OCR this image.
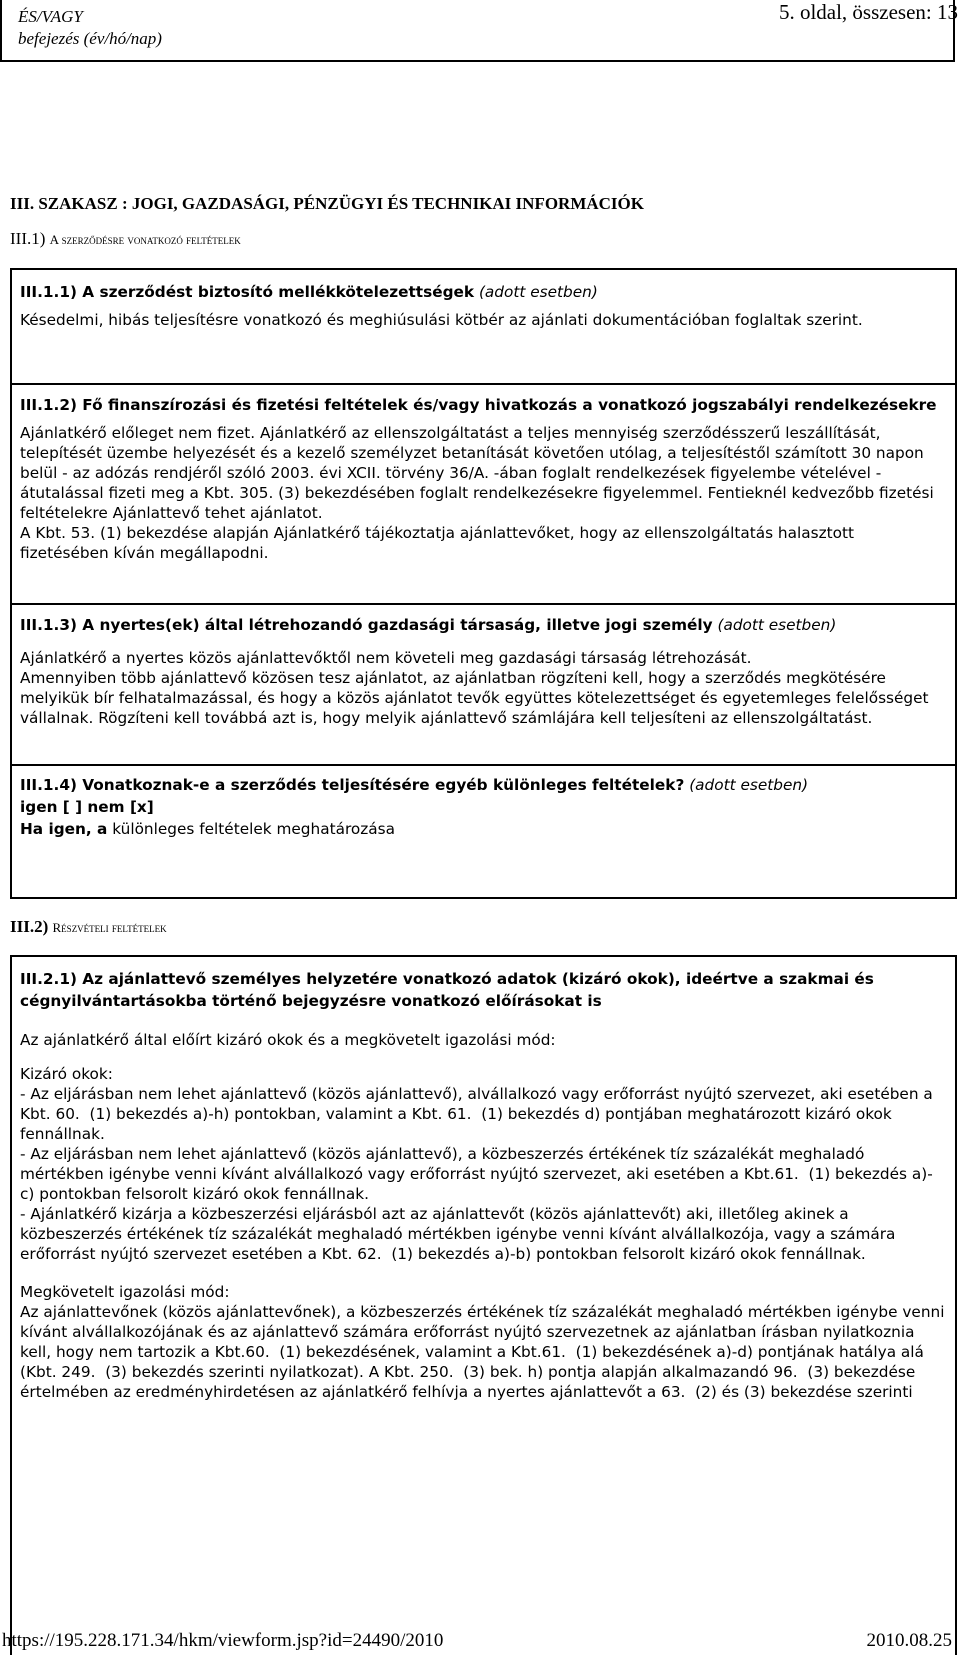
5. oldal, összesen: 13
ÉS/VAGY
befejezés (év/hó/nap)
III. SZAKASZ : JOGI, GAZDASÁGI, PÉNZÜGYI ÉS TECHNIKAI INFORMÁCIÓK
III.1) A szerződésre vonatkozó feltételek

III.1.1) A szerződést biztosító mellékkötelezettségek (adott esetben)

Késedelmi, hibás teljesítésre vonatkozó és meghiúsulási kötbér az ajánlati dokumentációban foglaltak szerint.

III.1.2) Fő finanszírozási és fizetési feltételek és/vagy hivatkozás a vonatkozó jogszabályi rendelkezésekre

Ajánlatkérő előleget nem fizet. Ajánlatkérő az ellenszolgáltatást a teljes mennyiség szerződésszerű leszállítását, telepítését üzembe helyezését és a kezelő személyzet betanítását követően utólag, a teljesítéstől számított 30 napon belül - az adózás rendjéről szóló 2003. évi XCII. törvény 36/A. -ában foglalt rendelkezések figyelembe vételével - átutalással fizeti meg a Kbt. 305. (3) bekezdésében foglalt rendelkezésekre figyelemmel. Fentieknél kedvezőbb fizetési feltételekre Ajánlattevő tehet ajánlatot.
A Kbt. 53. (1) bekezdése alapján Ajánlatkérő tájékoztatja ajánlattevőket, hogy az ellenszolgáltatás halasztott fizetésében kíván megállapodni.

III.1.3) A nyertes(ek) által létrehozandó gazdasági társaság, illetve jogi személy (adott esetben)

Ajánlatkérő a nyertes közös ajánlattevőktől nem követeli meg gazdasági társaság létrehozását.
Amennyiben több ajánlattevő közösen tesz ajánlatot, az ajánlatban rögzíteni kell, hogy a szerződés megkötésére melyikük bír felhatalmazással, és hogy a közös ajánlatot tevők együttes kötelezettséget és egyetemleges felelősséget vállalnak. Rögzíteni kell továbbá azt is, hogy melyik ajánlattevő számlájára kell teljesíteni az ellenszolgáltatást.

III.1.4) Vonatkoznak-e a szerződés teljesítésére egyéb különleges feltételek? (adott esetben)

igen [ ] nem [x]

Ha igen, a különleges feltételek meghatározása

III.2) Részvételi feltételek

III.2.1) Az ajánlattevő személyes helyzetére vonatkozó adatok (kizáró okok), ideértve a szakmai és cégnyilvántartásokba történő bejegyzésre vonatkozó előírásokat is

Az ajánlatkérő által előírt kizáró okok és a megkövetelt igazolási mód:

Kizáró okok:
- Az eljárásban nem lehet ajánlattevő (közös ajánlattevő), alvállalkozó vagy erőforrást nyújtó szervezet, aki esetében a Kbt. 60.  (1) bekezdés a)-h) pontokban, valamint a Kbt. 61.  (1) bekezdés d) pontjában meghatározott kizáró okok fennállnak.
- Az eljárásban nem lehet ajánlattevő (közös ajánlattevő), a közbeszerzés értékének tíz százalékát meghaladó mértékben igénybe venni kívánt alvállalkozó vagy erőforrást nyújtó szervezet, aki esetében a Kbt.61.  (1) bekezdés a)-c) pontokban felsorolt kizáró okok fennállnak.
- Ajánlatkérő kizárja a közbeszerzési eljárásból azt az ajánlattevőt (közös ajánlattevőt) aki, illetőleg akinek a közbeszerzés értékének tíz százalékát meghaladó mértékben igénybe venni kívánt alvállalkozója, vagy a számára erőforrást nyújtó szervezet esetében a Kbt. 62.  (1) bekezdés a)-b) pontokban felsorolt kizáró okok fennállnak.

Megkövetelt igazolási mód:
Az ajánlattevőnek (közös ajánlattevőnek), a közbeszerzés értékének tíz százalékát meghaladó mértékben igénybe venni kívánt alvállalkozójának és az ajánlattevő számára erőforrást nyújtó szervezetnek az ajánlatban írásban nyilatkoznia kell, hogy nem tartozik a Kbt.60.  (1) bekezdésének, valamint a Kbt.61.  (1) bekezdésének a)-d) pontjának hatálya alá (Kbt. 249.  (3) bekezdés szerinti nyilatkozat). A Kbt. 250.  (3) bek. h) pontja alapján alkalmazandó 96.  (3) bekezdése értelmében az eredményhirdetésen az ajánlatkérő felhívja a nyertes ajánlattevőt a 63.  (2) és (3) bekezdése szerinti

https://195.228.171.34/hkm/viewform.jsp?id=24490/2010	2010.08.25
